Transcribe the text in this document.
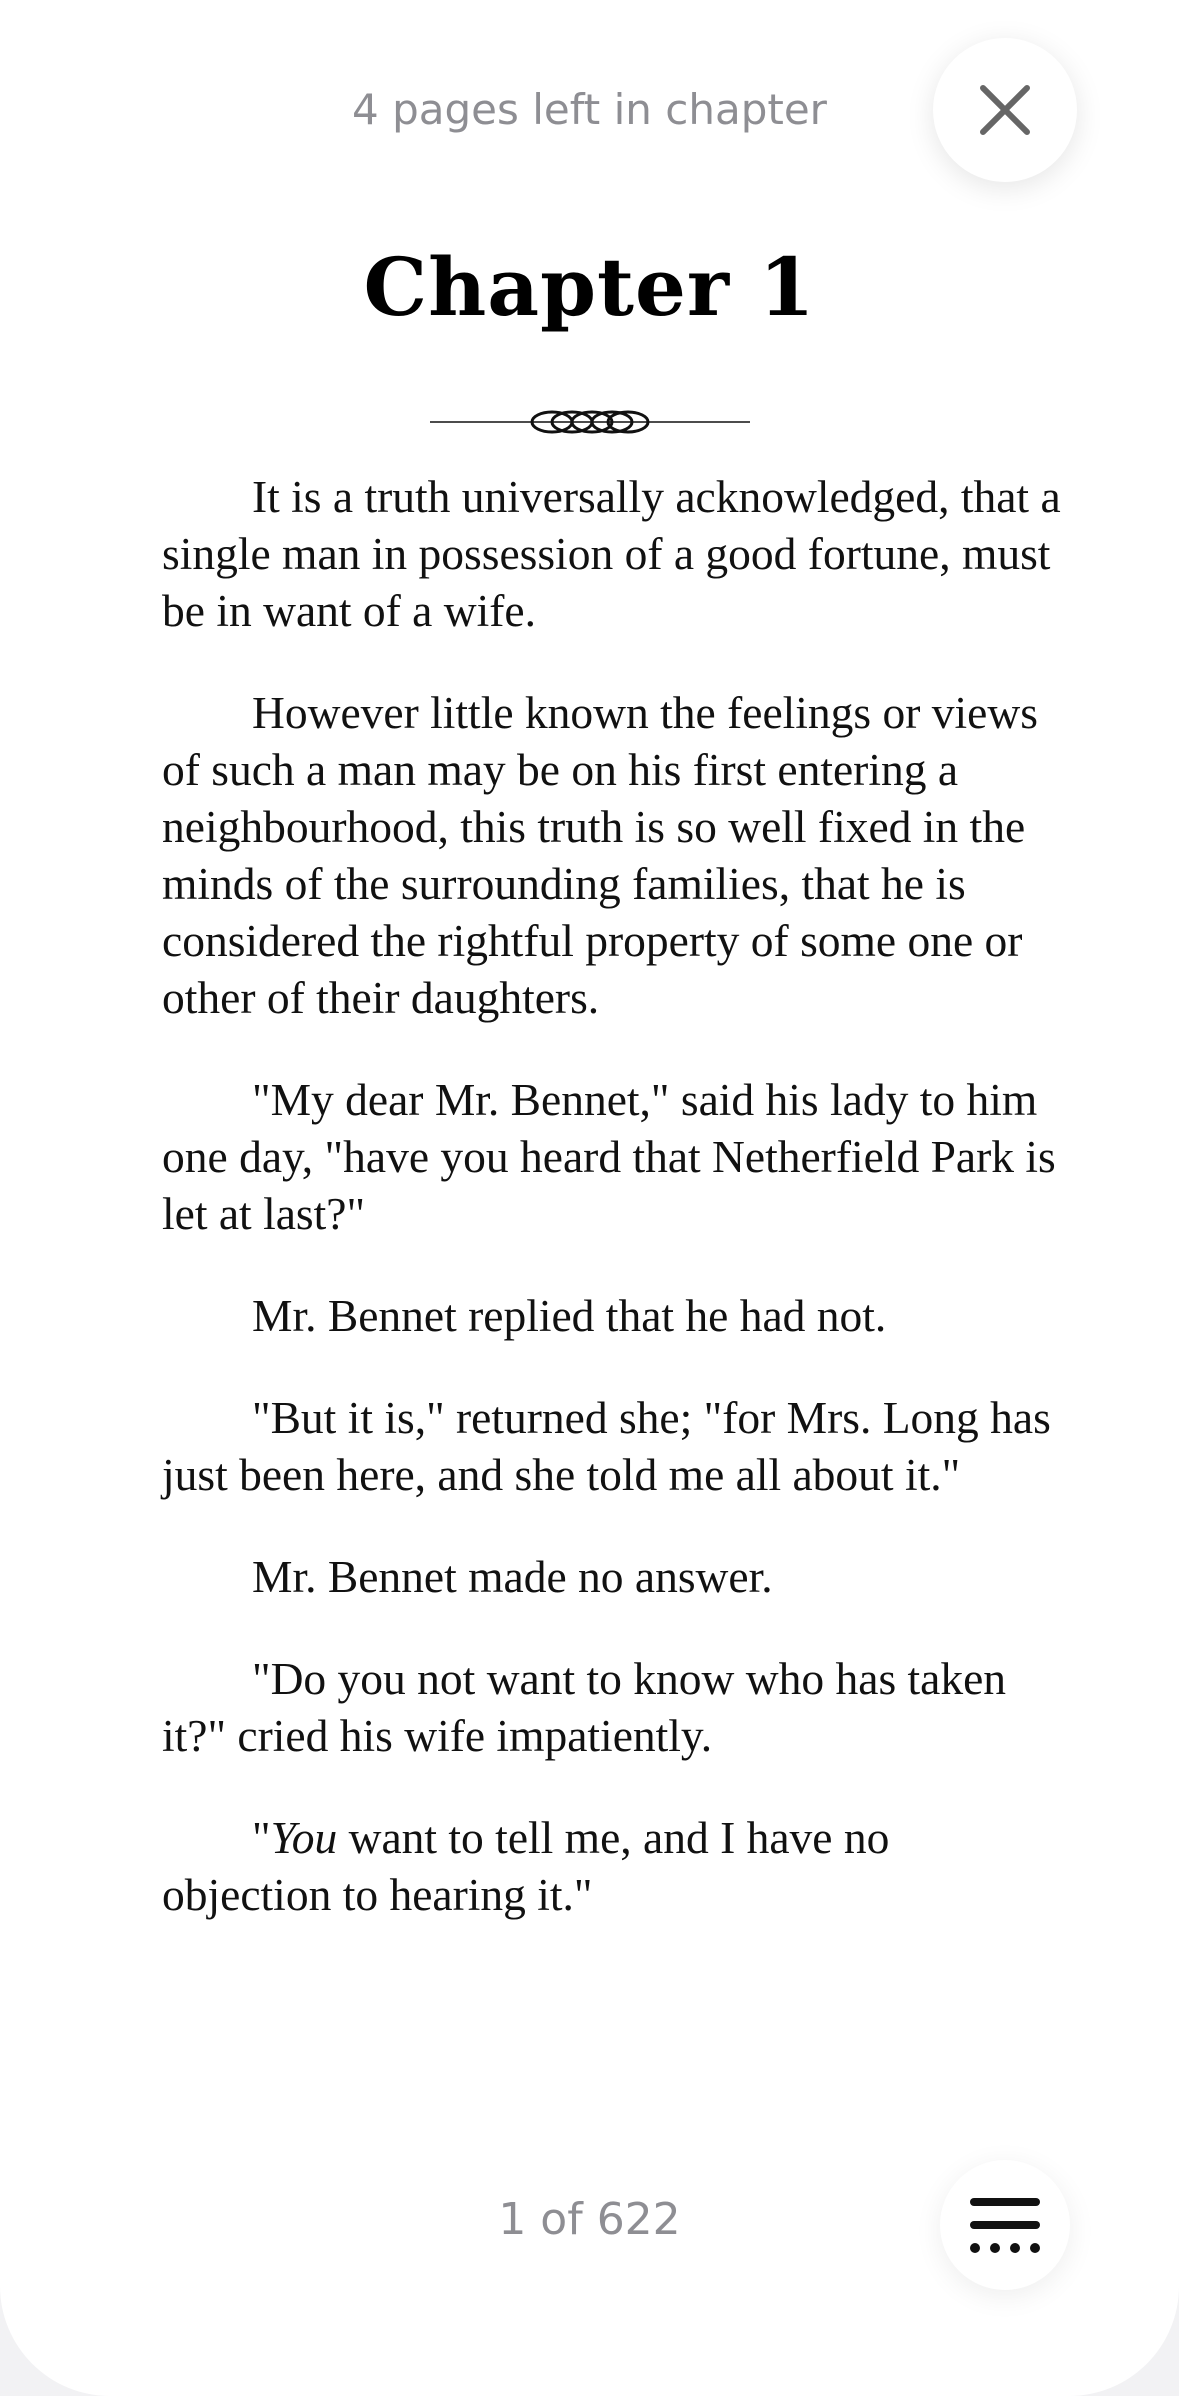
4 pages left in chapter
Chapter 1

It is a truth universally acknowledged, that a single man in possession of a good fortune, must be in want of a wife.

However little known the feelings or views of such a man may be on his first entering a neighbourhood, this truth is so well fixed in the minds of the surrounding families, that he is considered the rightful property of some one or other of their daughters.

"My dear Mr. Bennet," said his lady to him one day, "have you heard that Netherfield Park is let at last?"

Mr. Bennet replied that he had not.

"But it is," returned she; "for Mrs. Long has just been here, and she told me all about it."

Mr. Bennet made no answer.

"Do you not want to know who has taken it?" cried his wife impatiently.

"You want to tell me, and I have no objection to hearing it."

1 of 622
